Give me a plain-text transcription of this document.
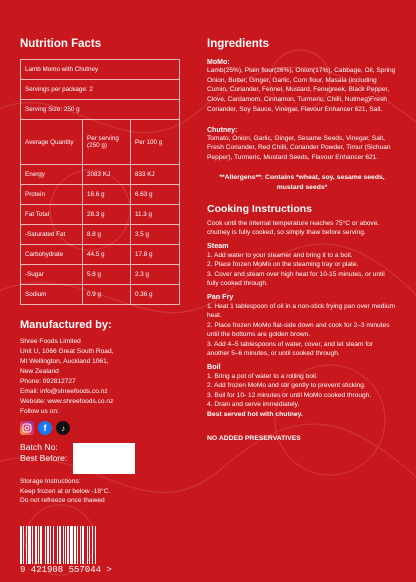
Nutrition Facts
Lamb Momo with Chutney
Servings per package: 2
Serving Size: 250 g
Average Quantity	Per serving (250 g)	Per 100 g
Energy	2083 KJ	833 KJ
Protein	16.6 g	6.63 g
Fat Total	28.3 g	11.3 g
-Saturated Fat	8.8 g	3.5 g
Carbohydrate	44.5 g	17.8 g
-Sugar	5.8 g	2.3 g
Sodium	0.9 g	0.36 g
Manufactured by:
Shree Foods Limited
Unit U, 1066 Great South Road,
Mt Wellington, Auckland 1061,
New Zealand
Phone: 092812727
Email: info@shreefoods.co.nz
Website: www.shreefoods.co.nz
Follow us on:
f	♪
Batch No:
Best Before:
Storage Instructions:
Keep frozen at or below -18°C.
Do not refreeze once thawed
9 421908 557044 >
Ingredients
MoMo:
Lamb(25%), Plain flour(26%), Onion(17%), Cabbage, Oil, Spring Onion, Butter, Ginger, Garlic, Corn flour, Masala (including Cumin, Coriander, Fennel, Mustard, Fenugreek, Black Pepper, Clove, Cardamom, Cinnamon, Turmeric, Chilli, Nutmeg)Fresh Coriander, Soy Sauce, Vinegar, Flavour Enhancer 621, Salt.
Chutney:
Tomato, Onion, Garlic, Ginger, Sesame Seeds, Vinegar, Salt, Fresh Coriander, Red Chilli, Coriander Powder, Timur (Sichuan Pepper), Turmeric, Mustard Seeds, Flavour Enhancer 621.
**Allergens**: Contains *wheat, soy, sesame seeds, mustard seeds*
Cooking Instructions
Cook until the internal temperature reaches 75°C or above.
chutney is fully cooked, so simply thaw before serving.
Steam
1. Add water to your steamer and bring it to a boil.
2. Place frozen MoMo on the steaming tray or plate.
3. Cover and steam over high heat for 10-15 minutes, or until fully cooked through.
Pan Fry
1. Heat 1 tablespoon of oil in a non-stick frying pan over medium heat.
2. Place frozen MoMo flat-side down and cook for 2–3 minutes until the bottoms are golden brown.
3. Add 4–5 tablespoons of water, cover, and let steam for another 5–6 minutes, or until cooked through.
Boil
1. Bring a pot of water to a rolling boil.
2. Add frozen MoMo and stir gently to prevent sticking.
3. Boil for 10- 12 minutes or until MoMo cooked through.
4. Drain and serve immediately.
Best served hot with chutney.
NO ADDED PRESERVATIVES
